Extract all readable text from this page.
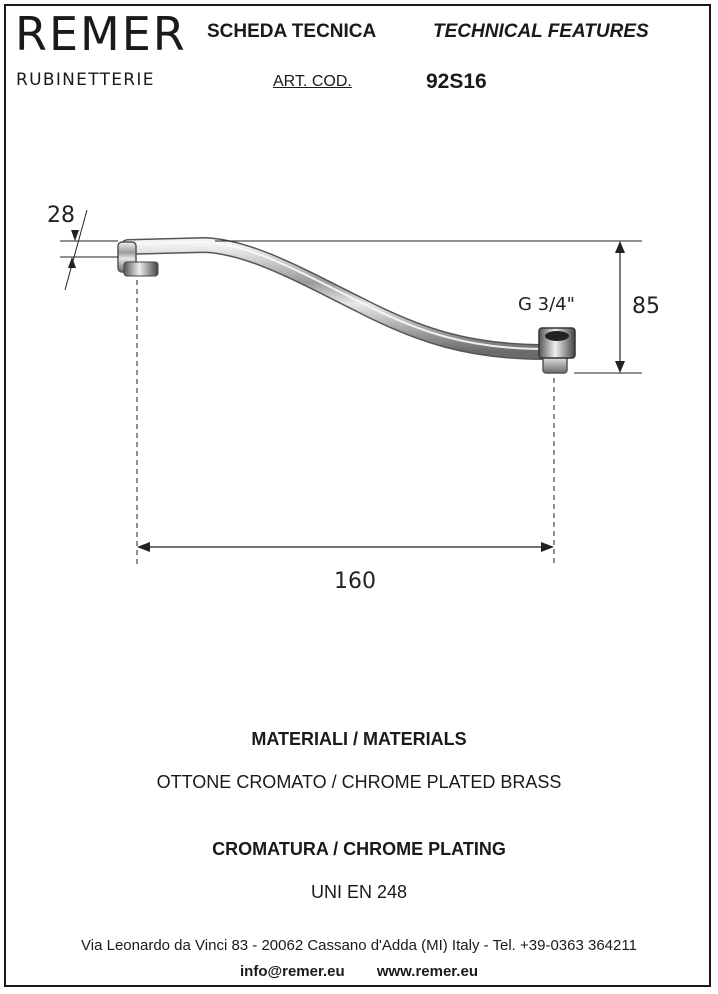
REMER
RUBINETTERIE
SCHEDA TECNICA	TECHNICAL FEATURES
ART. COD.	92S16
28
85
160
G 3/4"
MATERIALI / MATERIALS
OTTONE CROMATO / CHROME PLATED BRASS
CROMATURA / CHROME PLATING
UNI EN 248
Via Leonardo da Vinci 83 - 20062 Cassano d'Adda (MI) Italy - Tel. +39-0363 364211
info@remer.eu www.remer.eu
